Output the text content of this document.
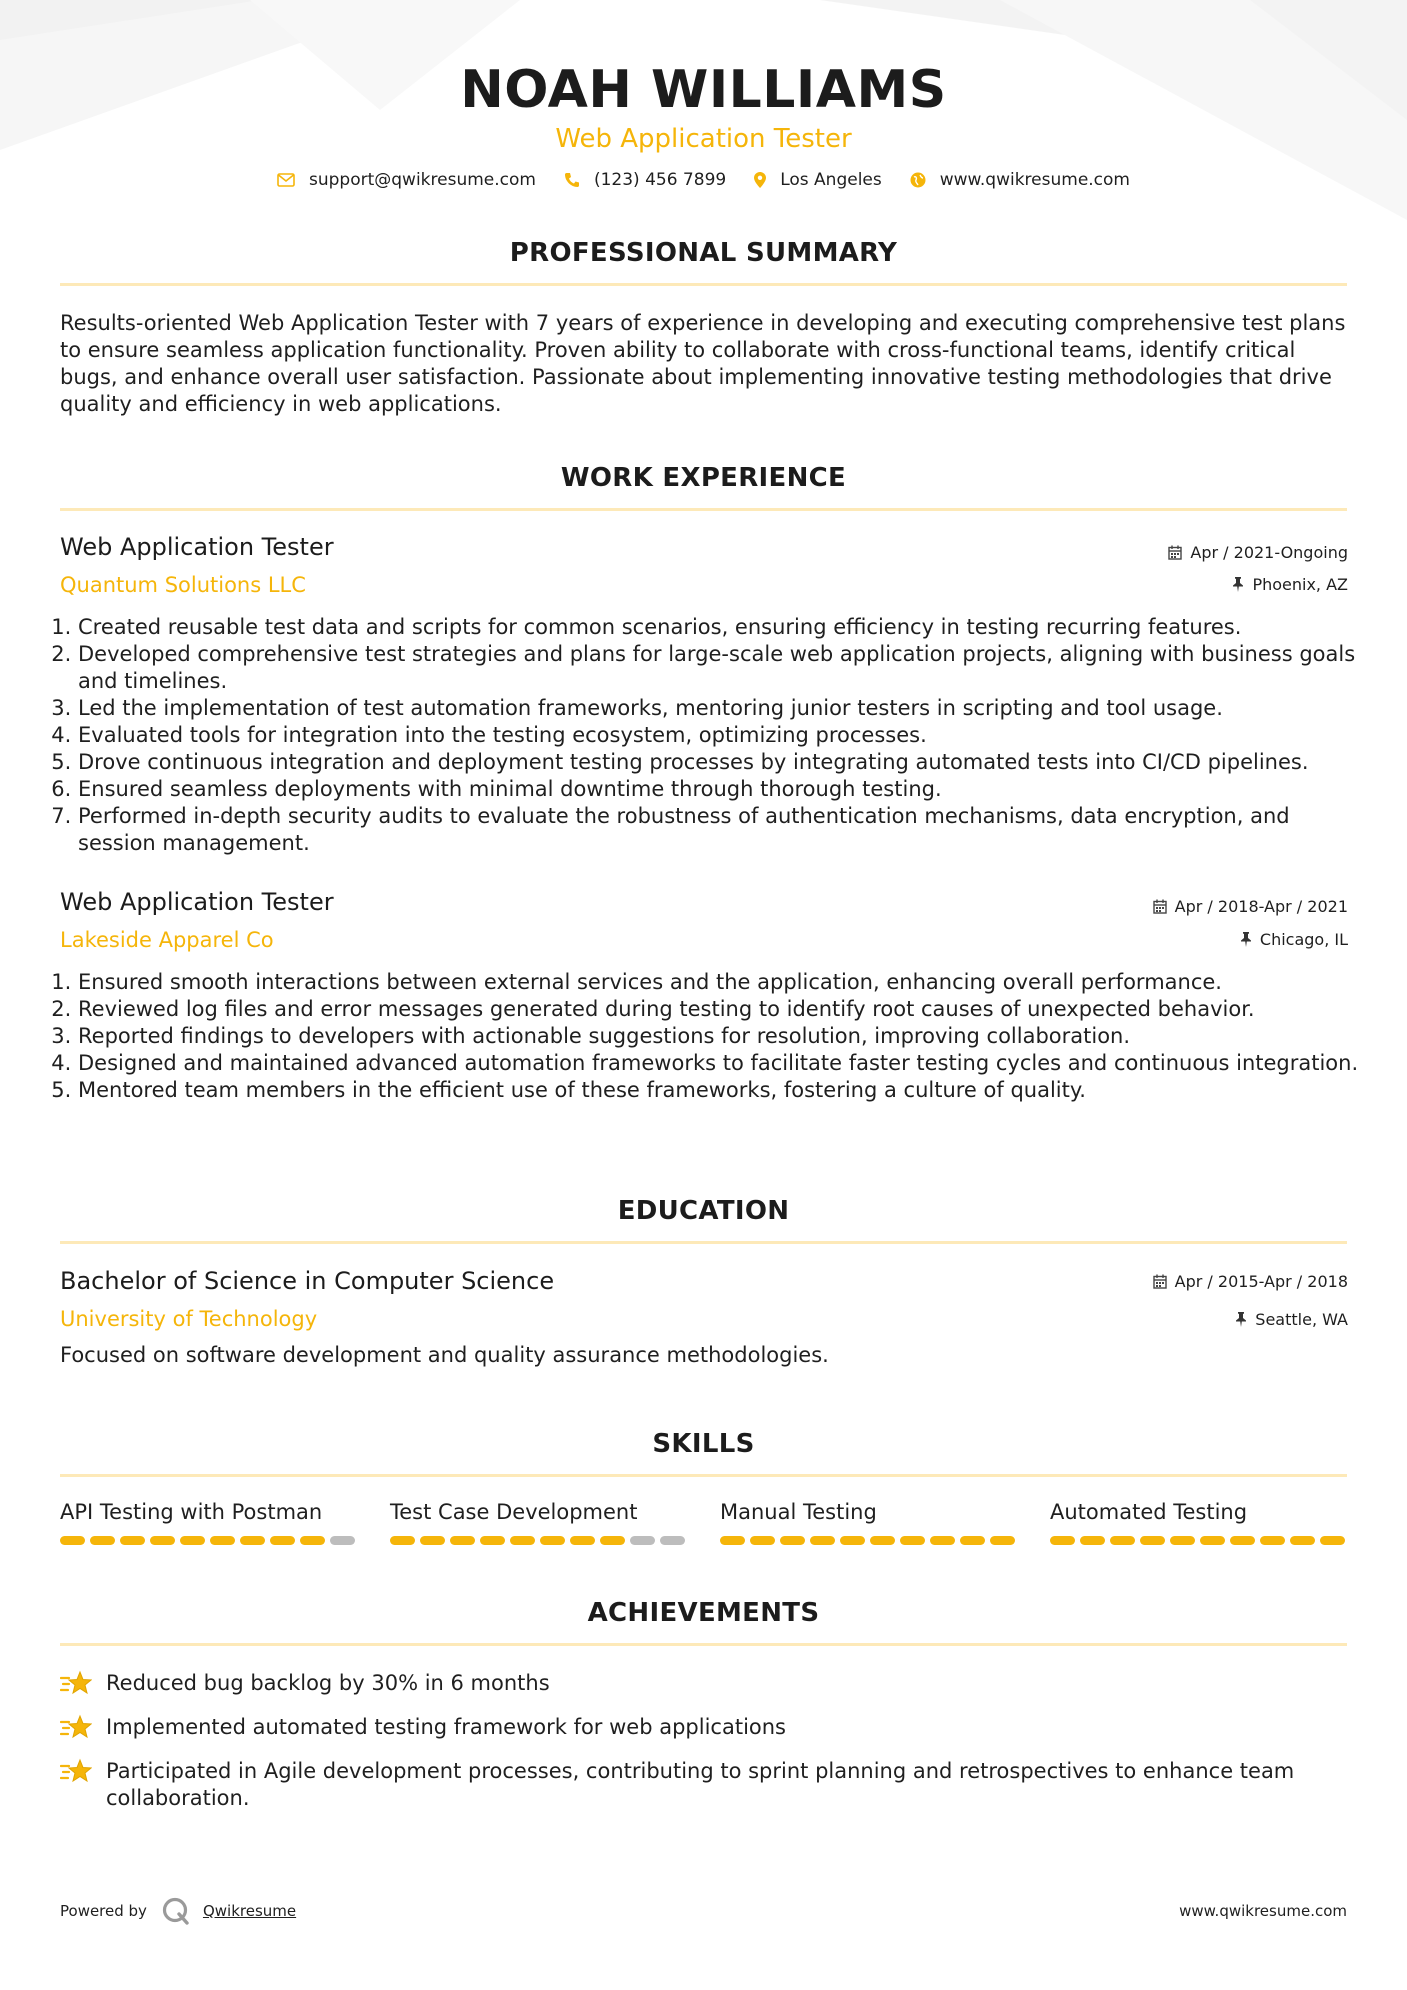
NOAH WILLIAMS
Web Application Tester
support@qwikresume.com	(123) 456 7899	Los Angeles	www.qwikresume.com
PROFESSIONAL SUMMARY
Results-oriented Web Application Tester with 7 years of experience in developing and executing comprehensive test plans to ensure seamless application functionality. Proven ability to collaborate with cross-functional teams, identify critical bugs, and enhance overall user satisfaction. Passionate about implementing innovative testing methodologies that drive quality and efficiency in web applications.
WORK EXPERIENCE
Web Application Tester
Quantum Solutions LLC
Apr / 2021-Ongoing
Phoenix, AZ
1. Created reusable test data and scripts for common scenarios, ensuring efficiency in testing recurring features.
2. Developed comprehensive test strategies and plans for large-scale web application projects, aligning with business goals and timelines.
3. Led the implementation of test automation frameworks, mentoring junior testers in scripting and tool usage.
4. Evaluated tools for integration into the testing ecosystem, optimizing processes.
5. Drove continuous integration and deployment testing processes by integrating automated tests into CI/CD pipelines.
6. Ensured seamless deployments with minimal downtime through thorough testing.
7. Performed in-depth security audits to evaluate the robustness of authentication mechanisms, data encryption, and session management.
Web Application Tester
Lakeside Apparel Co
Apr / 2018-Apr / 2021
Chicago, IL
1. Ensured smooth interactions between external services and the application, enhancing overall performance.
2. Reviewed log files and error messages generated during testing to identify root causes of unexpected behavior.
3. Reported findings to developers with actionable suggestions for resolution, improving collaboration.
4. Designed and maintained advanced automation frameworks to facilitate faster testing cycles and continuous integration.
5. Mentored team members in the efficient use of these frameworks, fostering a culture of quality.
EDUCATION
Bachelor of Science in Computer Science
University of Technology
Apr / 2015-Apr / 2018
Seattle, WA
Focused on software development and quality assurance methodologies.
SKILLS
API Testing with Postman	Test Case Development	Manual Testing	Automated Testing
ACHIEVEMENTS
Reduced bug backlog by 30% in 6 months
Implemented automated testing framework for web applications
Participated in Agile development processes, contributing to sprint planning and retrospectives to enhance team collaboration.
Powered by	Qwikresume	www.qwikresume.com
